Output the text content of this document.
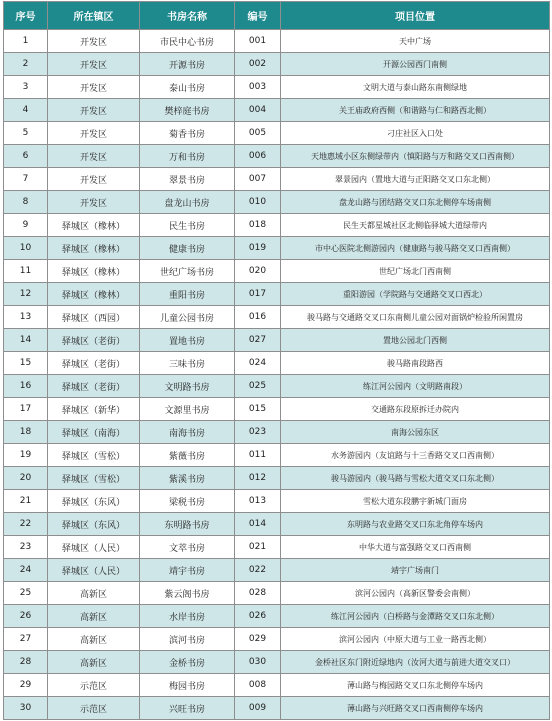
序号	所在镇区	书房名称	编号	项目位置
1	开发区	市民中心书房	001	天中广场
2	开发区	开源书房	002	开源公园西门南侧
3	开发区	泰山书房	003	文明大道与泰山路东南侧绿地
4	开发区	樊梓庭书房	004	关王庙政府西侧（和谐路与仁和路西北侧）
5	开发区	菊香书房	005	刁庄社区入口处
6	开发区	万和书房	006	天地惠域小区东侧绿带内（慎阳路与万和路交叉口西南侧）
7	开发区	翠景书房	007	翠景园内（置地大道与正阳路交叉口东北侧）
8	开发区	盘龙山书房	010	盘龙山路与团结路交叉口东北侧停车场南侧
9	驿城区（橡林）	民生书房	018	民生天都星城社区北侧临驿城大道绿带内
10	驿城区（橡林）	健康书房	019	市中心医院北侧游园内（健康路与骏马路交叉口西南侧）
11	驿城区（橡林）	世纪广场书房	020	世纪广场北门西南侧
12	驿城区（橡林）	重阳书房	017	重阳游园（学院路与交通路交叉口西北）
13	驿城区（西园）	儿童公园书房	016	骏马路与交通路交叉口东南侧儿童公园对面锅炉检验所闲置房
14	驿城区（老街）	置地书房	027	置地公园北门西侧
15	驿城区（老街）	三味书房	024	骏马路南段路西
16	驿城区（老街）	文明路书房	025	练江河公园内（文明路南段）
17	驿城区（新华）	文源里书房	015	交通路东段原拆迁办院内
18	驿城区（南海）	南海书房	023	南海公园东区
19	驿城区（雪松）	紫薇书房	011	水务游园内（友谊路与十三香路交叉口西南侧）
20	驿城区（雪松）	紫溪书房	012	骏马游园内（骏马路与雪松大道交叉口东北侧）
21	驿城区（东风）	梁税书房	013	雪松大道东段鹏宇新城门面房
22	驿城区（东风）	东明路书房	014	东明路与农业路交叉口东北角停车场内
23	驿城区（人民）	文萃书房	021	中华大道与富强路交叉口西南侧
24	驿城区（人民）	靖宇书房	022	靖宇广场南门
25	高新区	紫云阁书房	028	滨河公园内（高新区警委会南侧）
26	高新区	水岸书房	026	练江河公园内（白桥路与金潭路交叉口东北侧）
27	高新区	滨河书房	029	滨河公园内（中原大道与工业一路西北侧）
28	高新区	金桥书房	030	金桥社区东门附近绿地内（汝河大道与前进大道交叉口）
29	示范区	梅园书房	008	薄山路与梅园路交叉口东北侧停车场内
30	示范区	兴旺书房	009	薄山路与兴旺路交叉口西南侧停车场内
